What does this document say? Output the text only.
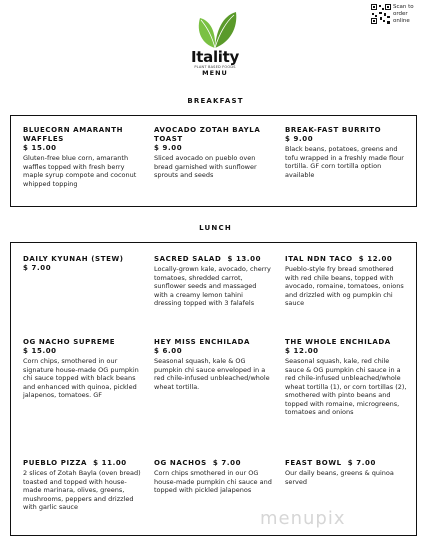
Itality
PLANT BASED FOODS
MENU
Scan to order online
BREAKFAST
BLUECORN AMARANTH WAFFLES
$ 15.00
Gluten-free blue corn, amaranth waffles topped with fresh berry maple syrup compote and coconut whipped topping
AVOCADO ZOTAH BAYLA TOAST
$ 9.00
Sliced avocado on pueblo oven bread garnished with sunflower sprouts and seeds
BREAK-FAST BURRITO
$ 9.00
Black beans, potatoes, greens and tofu wrapped in a freshly made flour tortilla. GF corn tortilla option available
LUNCH
DAILY KYUNAH (STEW)
$ 7.00
SACRED SALAD $ 13.00
Locally-grown kale, avocado, cherry tomatoes, shredded carrot, sunflower seeds and massaged with a creamy lemon tahini dressing topped with 3 falafels
ITAL NDN TACO $ 12.00
Pueblo-style fry bread smothered with red chile beans, topped with avocado, romaine, tomatoes, onions and drizzled with og pumpkin chi sauce
OG NACHO SUPREME
$ 15.00
Corn chips, smothered in our signature house-made OG pumpkin chi sauce topped with black beans and enhanced with quinoa, pickled jalapenos, tomatoes. GF
HEY MISS ENCHILADA
$ 6.00
Seasonal squash, kale & OG pumpkin chi sauce enveloped in a red chile-infused unbleached/whole wheat tortilla.
THE WHOLE ENCHILADA
$ 12.00
Seasonal squash, kale, red chile sauce & OG pumpkin chi sauce in a red chile-infused unbleached/whole wheat tortilla (1), or corn tortillas (2), smothered with pinto beans and topped with romaine, microgreens, tomatoes and onions
PUEBLO PIZZA $ 11.00
2 slices of Zotah Bayla (oven bread) toasted and topped with house-made marinara, olives, greens, mushrooms, peppers and drizzled with garlic sauce
OG NACHOS $ 7.00
Corn chips smothered in our OG house-made pumpkin chi sauce and topped with pickled jalapenos
FEAST BOWL $ 7.00
Our daily beans, greens & quinoa served
menupix
